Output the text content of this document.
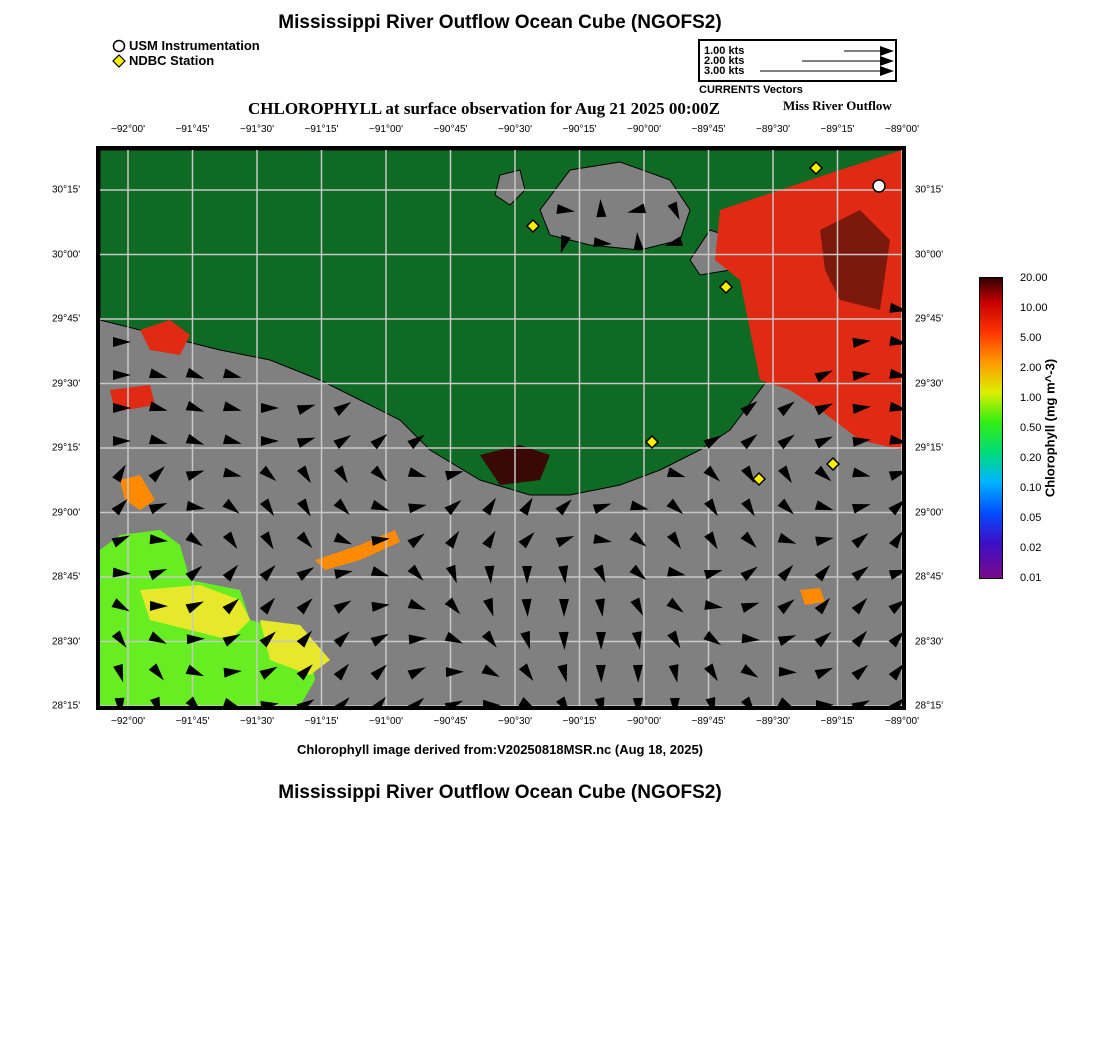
Mississippi River Outflow Ocean Cube (NGOFS2)
USM Instrumentation
NDBC Station
1.00 kts
2.00 kts
3.00 kts
CURRENTS Vectors
CHLOROPHYLL at surface observation for Aug 21 2025 00:00Z	Miss River Outflow
−92°00'	−91°45'	−91°30'	−91°15'	−91°00'	−90°45'	−90°30'	−90°15'	−90°00'	−89°45'	−89°30'	−89°15'	−89°00'
−92°00'	−91°45'	−91°30'	−91°15'	−91°00'	−90°45'	−90°30'	−90°15'	−90°00'	−89°45'	−89°30'	−89°15'	−89°00'
30°15'
30°00'
29°45'
29°30'
29°15'
29°00'
28°45'
28°30'
28°15'
30°15'
30°00'
29°45'
29°30'
29°15'
29°00'
28°45'
28°30'
28°15'
20.00
10.00
5.00
2.00
1.00
0.50
0.20
0.10
0.05
0.02
0.01
Chlorophyll (mg m^-3)
Chlorophyll image derived from:V20250818MSR.nc (Aug 18, 2025)
Mississippi River Outflow Ocean Cube (NGOFS2)
